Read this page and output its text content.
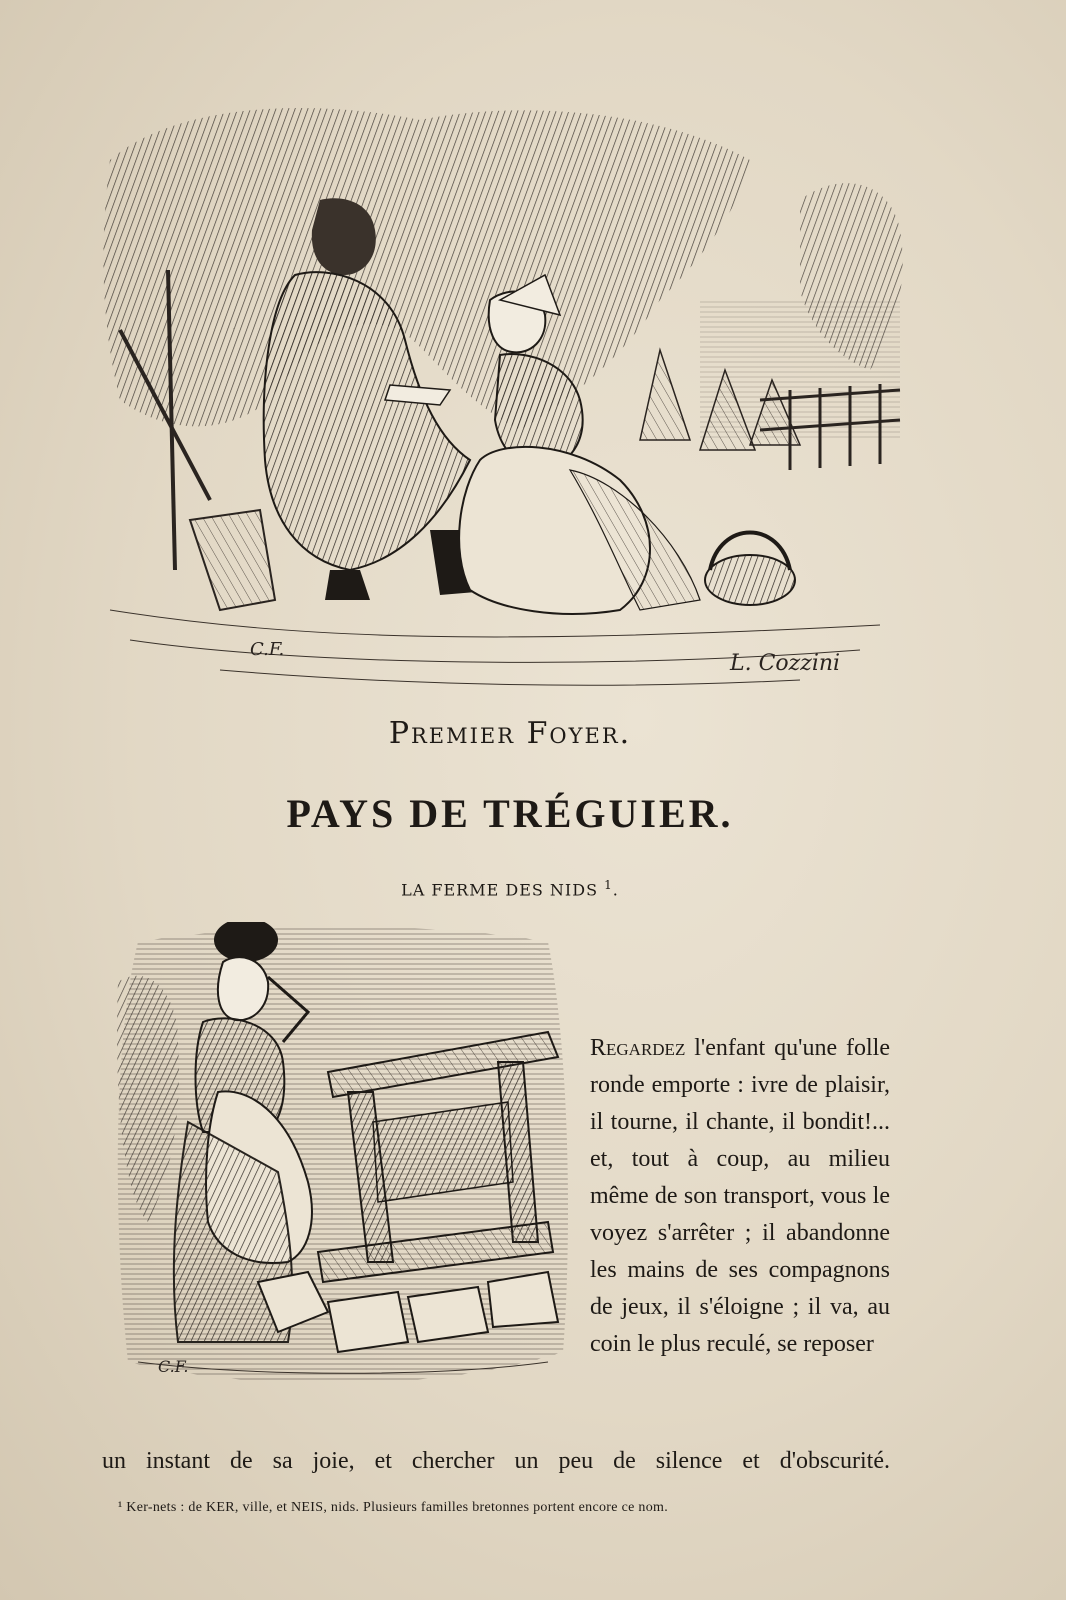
C.F.
L. Cozzini
Premier Foyer.
PAYS DE TRÉGUIER.
LA FERME DES NIDS $^1$.
C.F.
Regardez l'enfant qu'une folle ronde emporte : ivre de plaisir, il tourne, il chante, il bondit!... et, tout à coup, au milieu même de son transport, vous le voyez s'arrêter ; il abandonne les mains de ses compagnons de jeux, il s'éloigne ; il va, au coin le plus reculé, se reposer
un instant de sa joie, et chercher un peu de silence et d'obscurité.
¹ Ker-nets : de KER, ville, et NEIS, nids. Plusieurs familles bretonnes portent encore ce nom.
